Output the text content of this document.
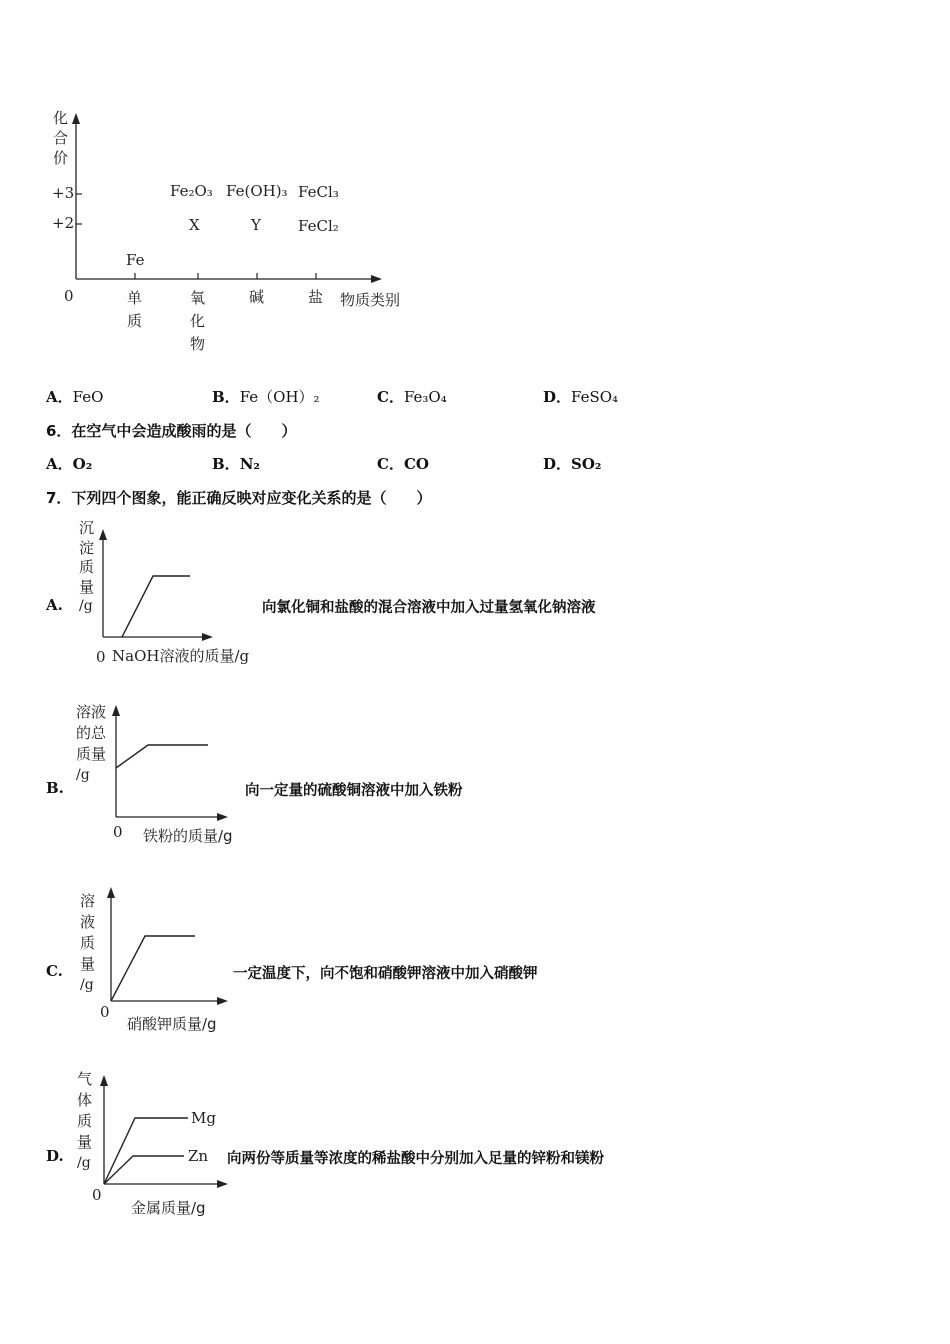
化
合
价
+3
+2
0	单
质
氧
化
物
碱	盐 物质类别
Fe
Fe₂O₃
X
Fe(OH)₃
Y
FeCl₃
FeCl₂
A．FeO	B．Fe（OH）₂	C．Fe₃O₄	D．FeSO₄
6．在空气中会造成酸雨的是（　　）
A．O₂	B．N₂	C．CO	D．SO₂
7．下列四个图象，能正确反映对应变化关系的是（　　）
A.
沉
淀
质
量
/g
0 NaOH溶液的质量/g
向氯化铜和盐酸的混合溶液中加入过量氢氧化钠溶液
B.
溶液
的总
质量
/g
0 铁粉的质量/g
向一定量的硫酸铜溶液中加入铁粉
C.
溶
液
质
量
/g
0
硝酸钾质量/g
一定温度下，向不饱和硝酸钾溶液中加入硝酸钾
D.
气
体
质
量
/g
0
金属质量/g
Mg
Zn 向两份等质量等浓度的稀盐酸中分别加入足量的锌粉和镁粉
